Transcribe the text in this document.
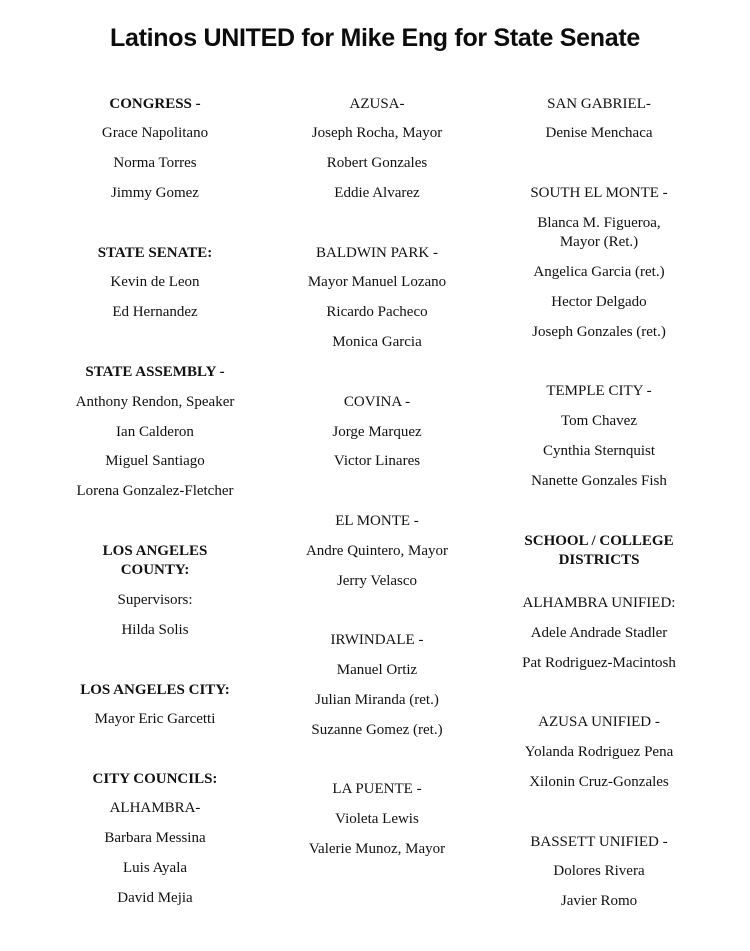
Latinos UNITED for Mike Eng for State Senate
CONGRESS -
Grace Napolitano
Norma Torres
Jimmy Gomez
STATE SENATE:
Kevin de Leon
Ed Hernandez
STATE ASSEMBLY -
Anthony Rendon, Speaker
Ian Calderon
Miguel Santiago
Lorena Gonzalez-Fletcher
LOS ANGELES
COUNTY:
Supervisors:
Hilda Solis
LOS ANGELES CITY:
Mayor Eric Garcetti
CITY COUNCILS:
ALHAMBRA-
Barbara Messina
Luis Ayala
David Mejia
AZUSA-
Joseph Rocha, Mayor
Robert Gonzales
Eddie Alvarez
BALDWIN PARK -
Mayor Manuel Lozano
Ricardo Pacheco
Monica Garcia
COVINA -
Jorge Marquez
Victor Linares
EL MONTE -
Andre Quintero, Mayor
Jerry Velasco
IRWINDALE -
Manuel Ortiz
Julian Miranda (ret.)
Suzanne Gomez (ret.)
LA PUENTE -
Violeta Lewis
Valerie Munoz, Mayor
SAN GABRIEL-
Denise Menchaca
SOUTH EL MONTE -
Blanca M. Figueroa,
Mayor (Ret.)
Angelica Garcia (ret.)
Hector Delgado
Joseph Gonzales (ret.)
TEMPLE CITY -
Tom Chavez
Cynthia Sternquist
Nanette Gonzales Fish
SCHOOL / COLLEGE
DISTRICTS
ALHAMBRA UNIFIED:
Adele Andrade Stadler
Pat Rodriguez-Macintosh
AZUSA UNIFIED -
Yolanda Rodriguez Pena
Xilonin Cruz-Gonzales
BASSETT UNIFIED -
Dolores Rivera
Javier Romo
